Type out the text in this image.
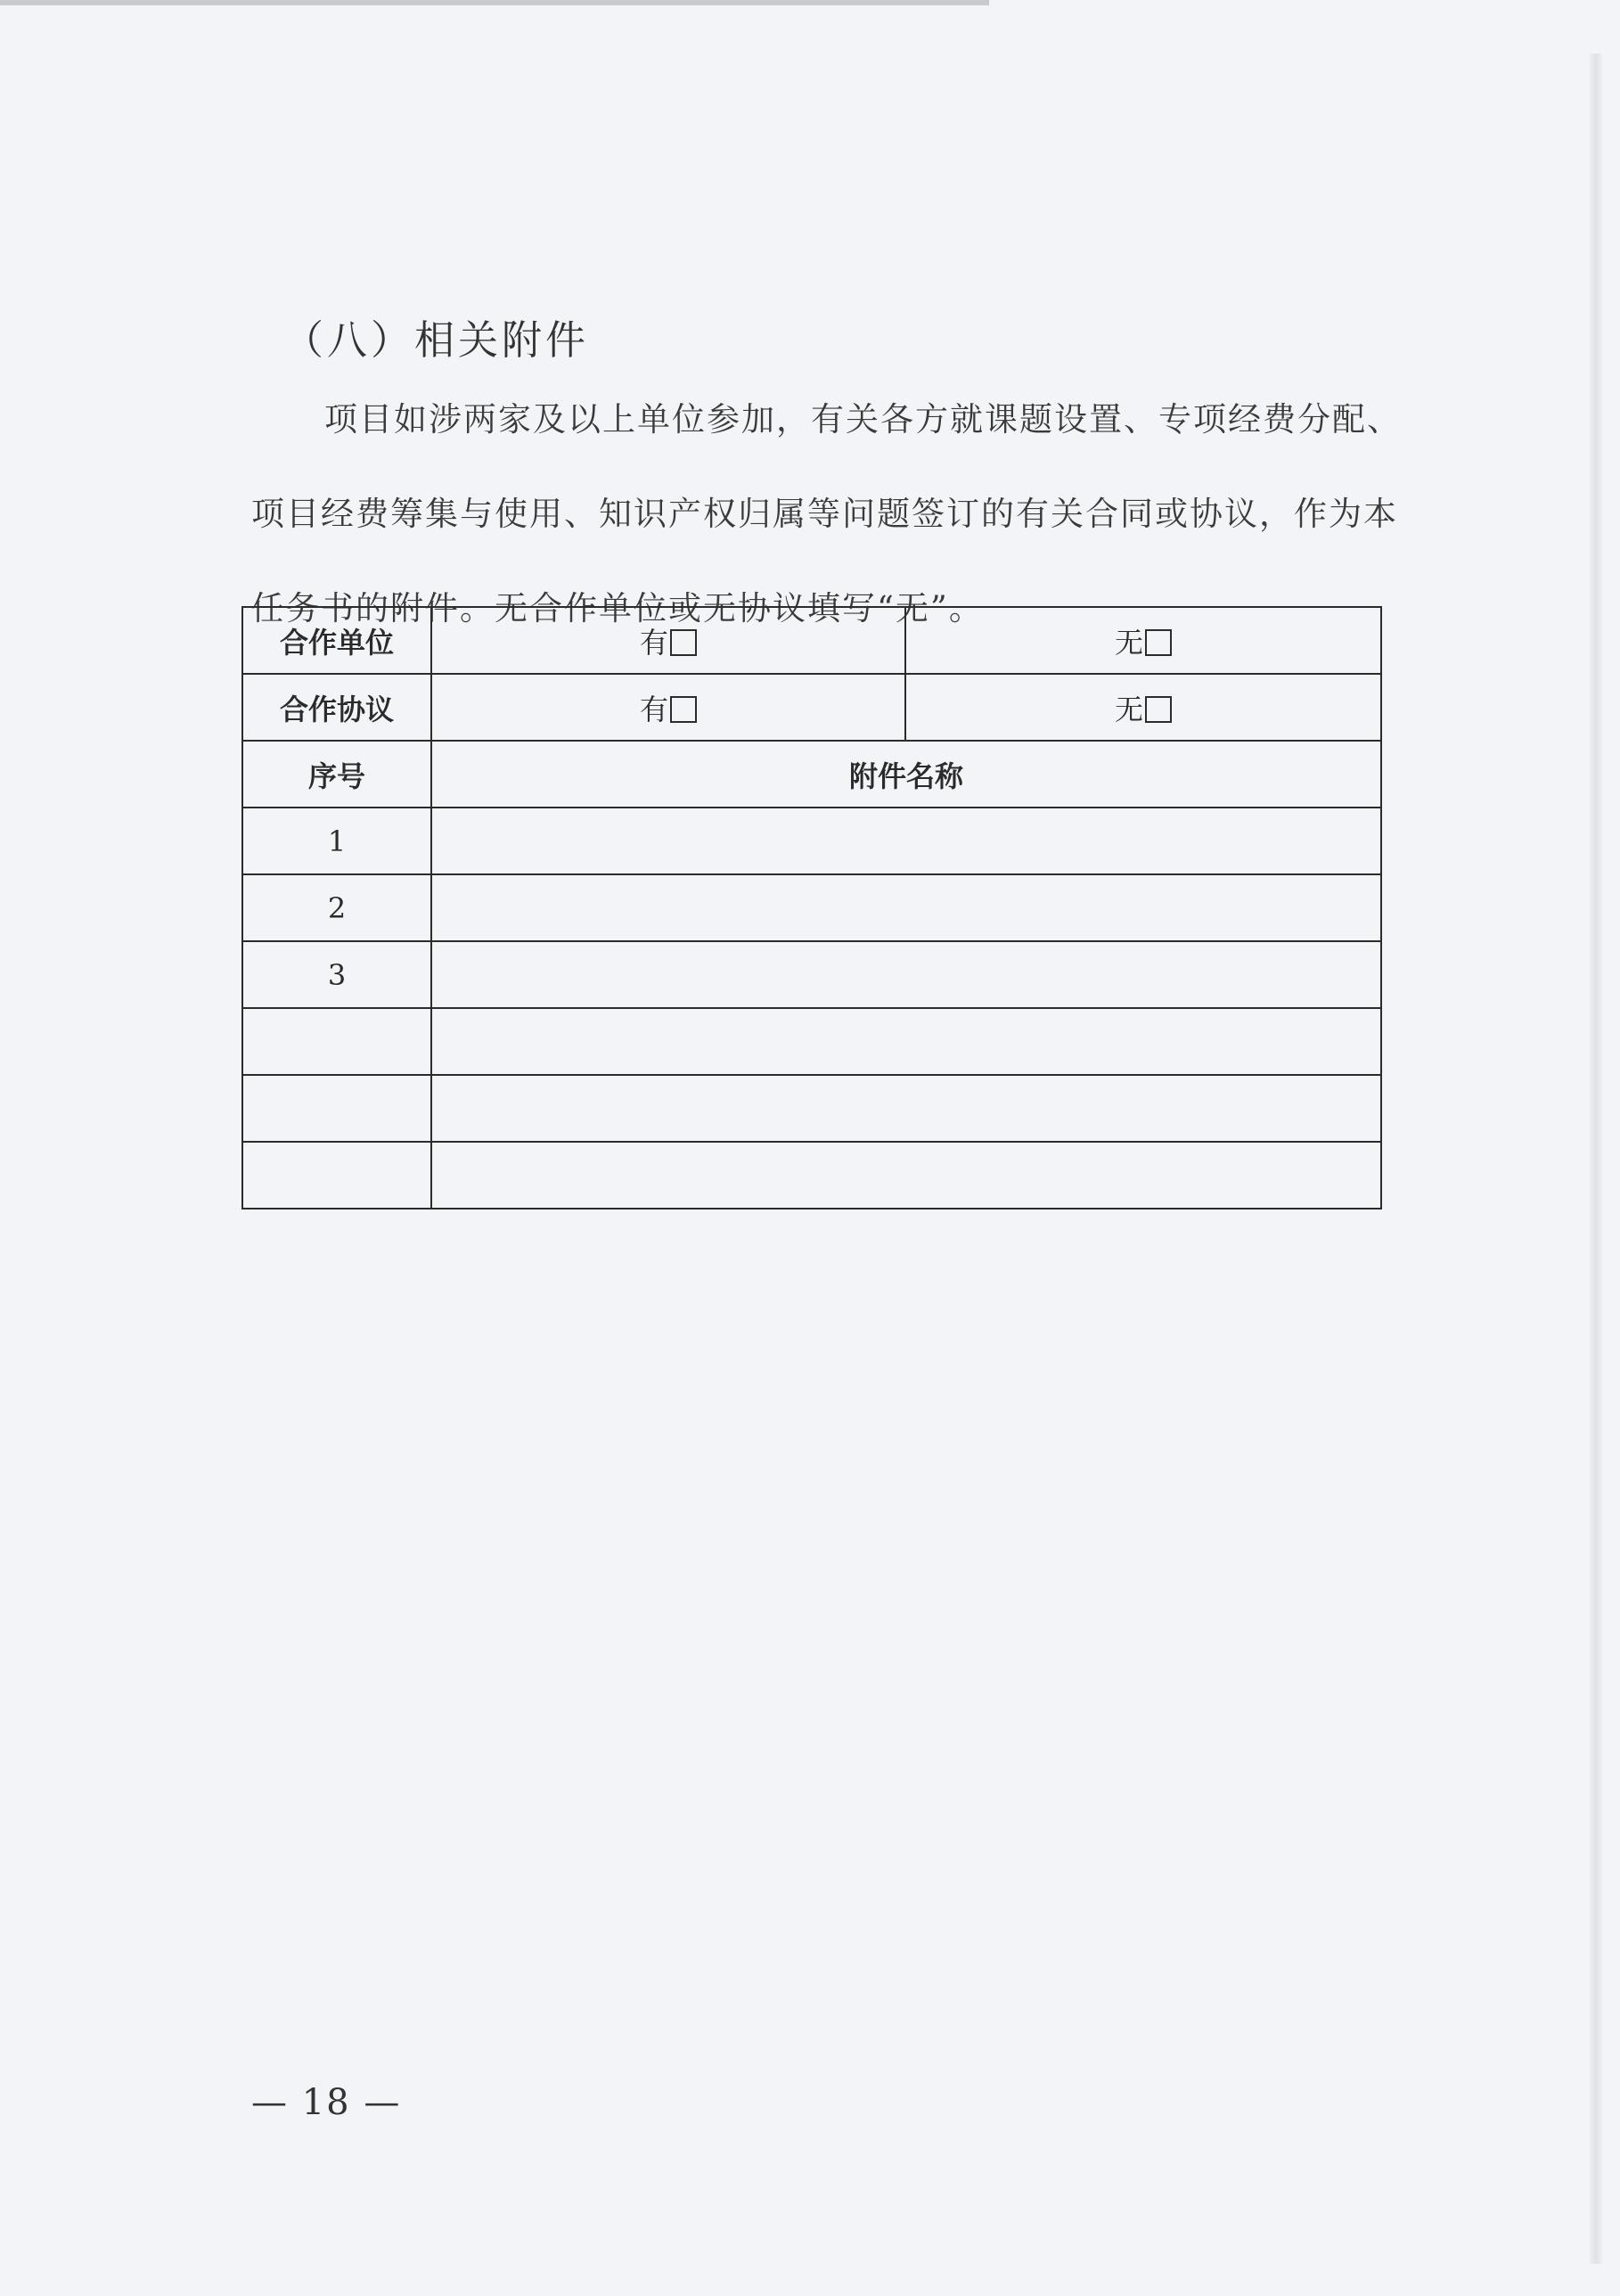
（八）相关附件
项目如涉两家及以上单位参加，有关各方就课题设置、专项经费分配、
项目经费筹集与使用、知识产权归属等问题签订的有关合同或协议，作为本
任务书的附件。无合作单位或无协议填写“无”。
合作单位	有	无
合作协议	有	无
序号	附件名称	
1		
2		
3		

— 18 —
